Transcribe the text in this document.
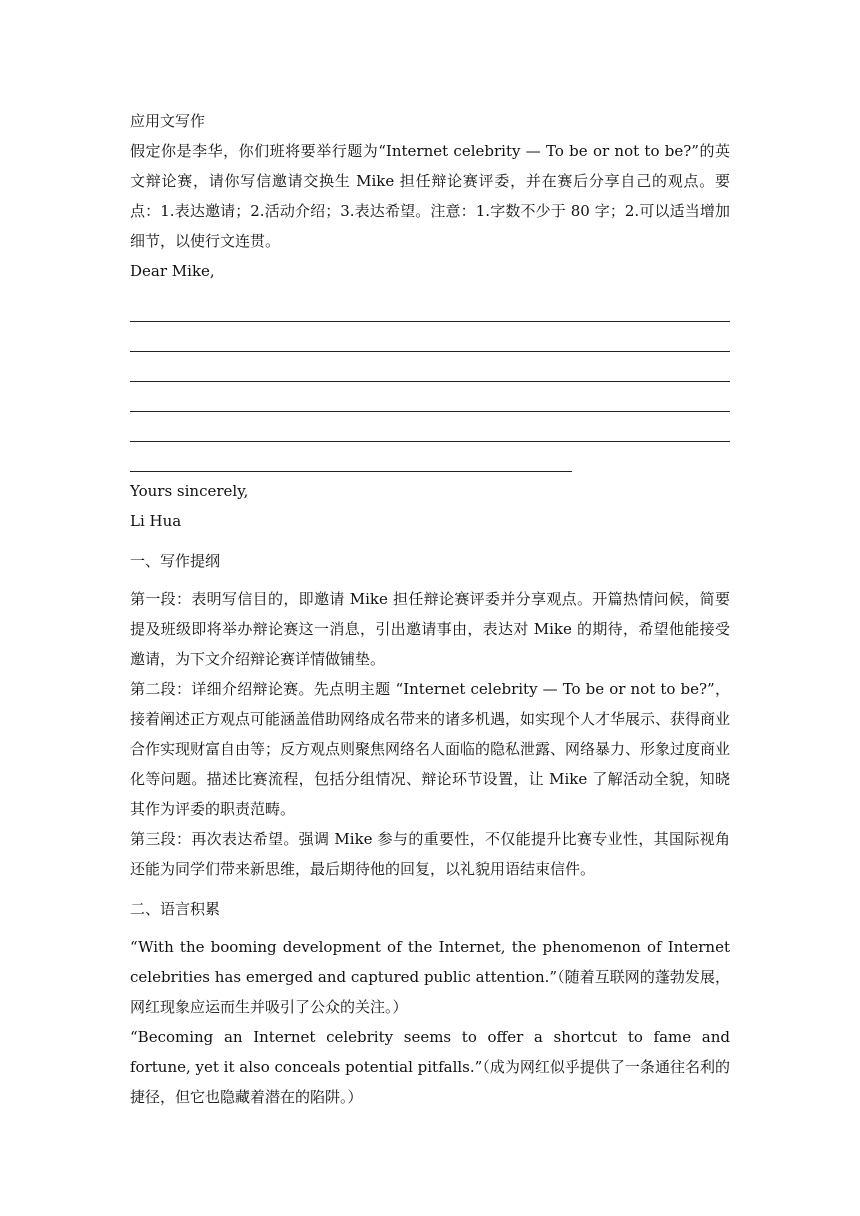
应用文写作

假定你是李华，你们班将要举行题为“Internet celebrity — To be or not to be?”的英文辩论赛，请你写信邀请交换生 Mike 担任辩论赛评委，并在赛后分享自己的观点。要点：1.表达邀请；2.活动介绍；3.表达希望。注意：1.字数不少于 80 字；2.可以适当增加细节，以使行文连贯。

Dear Mike,

Yours sincerely,

Li Hua

一、写作提纲

第一段：表明写信目的，即邀请 Mike 担任辩论赛评委并分享观点。开篇热情问候，简要提及班级即将举办辩论赛这一消息，引出邀请事由，表达对 Mike 的期待，希望他能接受邀请，为下文介绍辩论赛详情做铺垫。

第二段：详细介绍辩论赛。先点明主题 “Internet celebrity — To be or not to be?”，接着阐述正方观点可能涵盖借助网络成名带来的诸多机遇，如实现个人才华展示、获得商业合作实现财富自由等；反方观点则聚焦网络名人面临的隐私泄露、网络暴力、形象过度商业化等问题。描述比赛流程，包括分组情况、辩论环节设置，让 Mike 了解活动全貌，知晓其作为评委的职责范畴。

第三段：再次表达希望。强调 Mike 参与的重要性，不仅能提升比赛专业性，其国际视角还能为同学们带来新思维，最后期待他的回复，以礼貌用语结束信件。

二、语言积累

“With the booming development of the Internet, the phenomenon of Internet celebrities has emerged and captured public attention.”（随着互联网的蓬勃发展，网红现象应运而生并吸引了公众的关注。）

“Becoming an Internet celebrity seems to offer a shortcut to fame and fortune, yet it also conceals potential pitfalls.”（成为网红似乎提供了一条通往名利的捷径，但它也隐藏着潜在的陷阱。）
